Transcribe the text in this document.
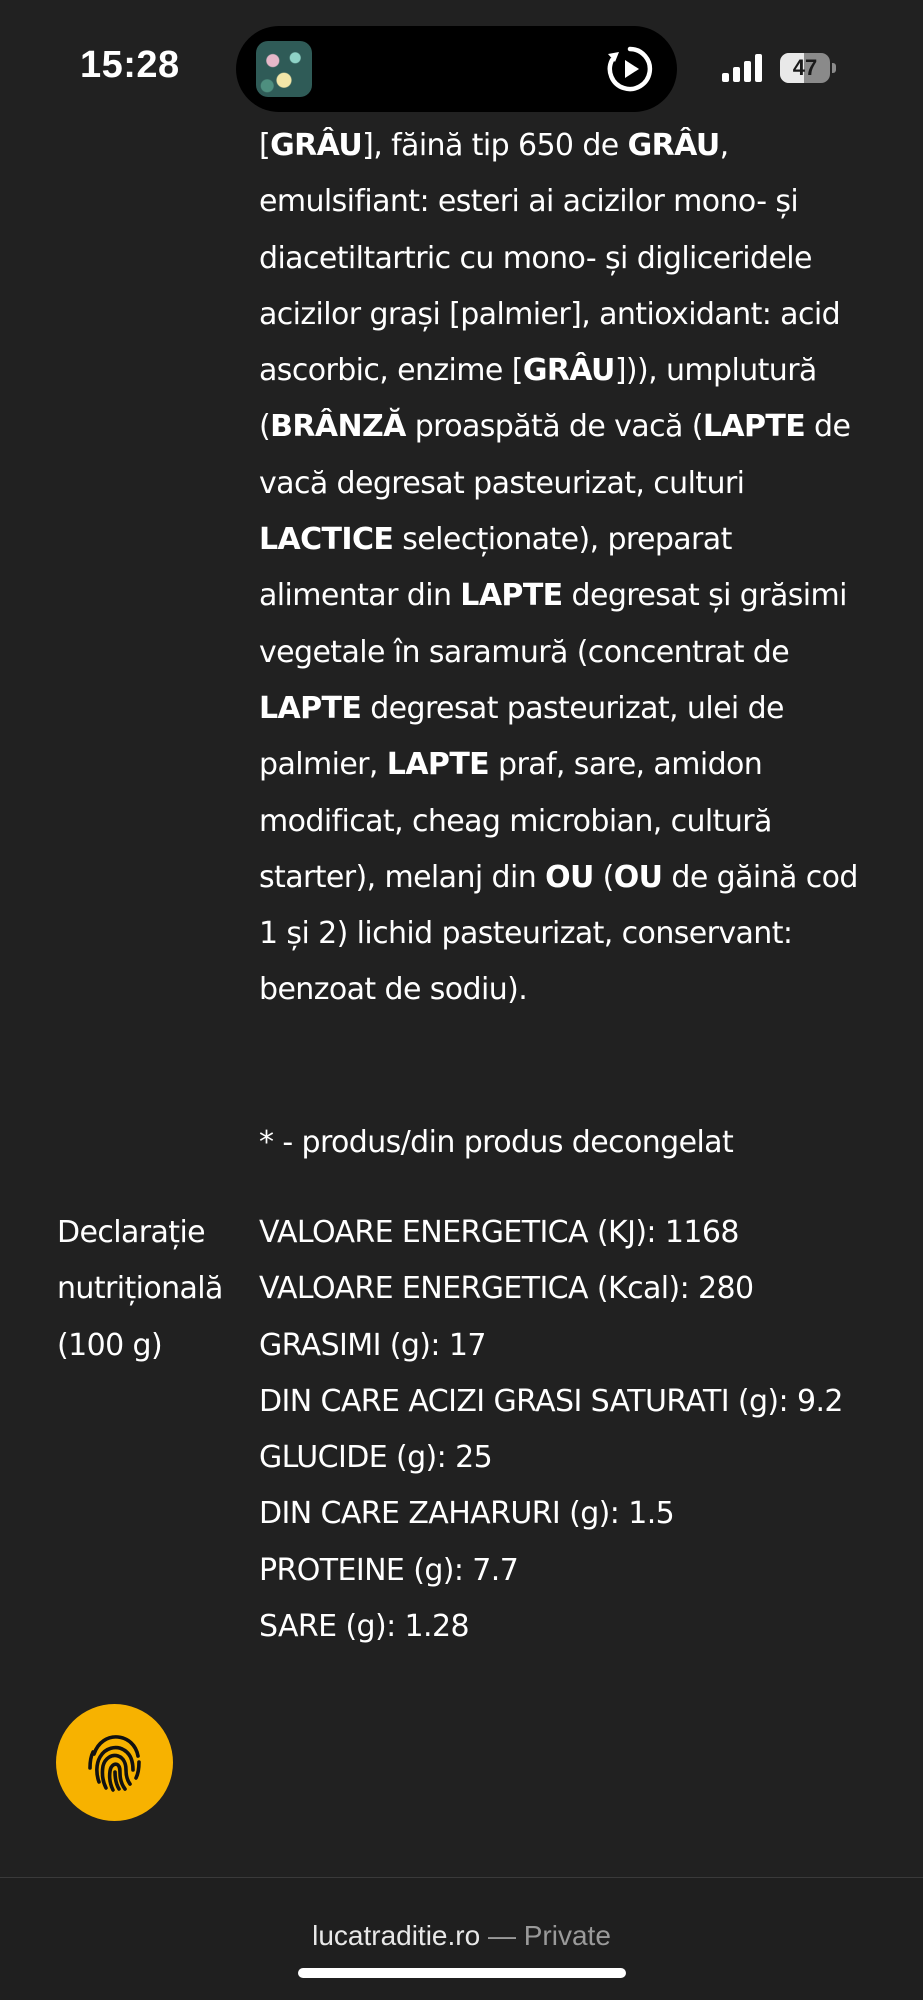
[GRÂU], făină tip 650 de GRÂU,
emulsifiant: esteri ai acizilor mono- și
diacetiltartric cu mono- și digliceridele
acizilor grași [palmier], antioxidant: acid
ascorbic, enzime [GRÂU])), umplutură
(BRÂNZĂ proaspătă de vacă (LAPTE de
vacă degresat pasteurizat, culturi
LACTICE selecționate), preparat
alimentar din LAPTE degresat și grăsimi
vegetale în saramură (concentrat de
LAPTE degresat pasteurizat, ulei de
palmier, LAPTE praf, sare, amidon
modificat, cheag microbian, cultură
starter), melanj din OU (OU de găină cod
1 și 2) lichid pasteurizat, conservant:
benzoat de sodiu).
* - produs/din produs decongelat
Declarație
nutrițională
(100 g)
VALOARE ENERGETICA (KJ): 1168
VALOARE ENERGETICA (Kcal): 280
GRASIMI (g): 17
DIN CARE ACIZI GRASI SATURATI (g): 9.2
GLUCIDE (g): 25
DIN CARE ZAHARURI (g): 1.5
PROTEINE (g): 7.7
SARE (g): 1.28
15:28	47
lucatraditie.ro — Private
